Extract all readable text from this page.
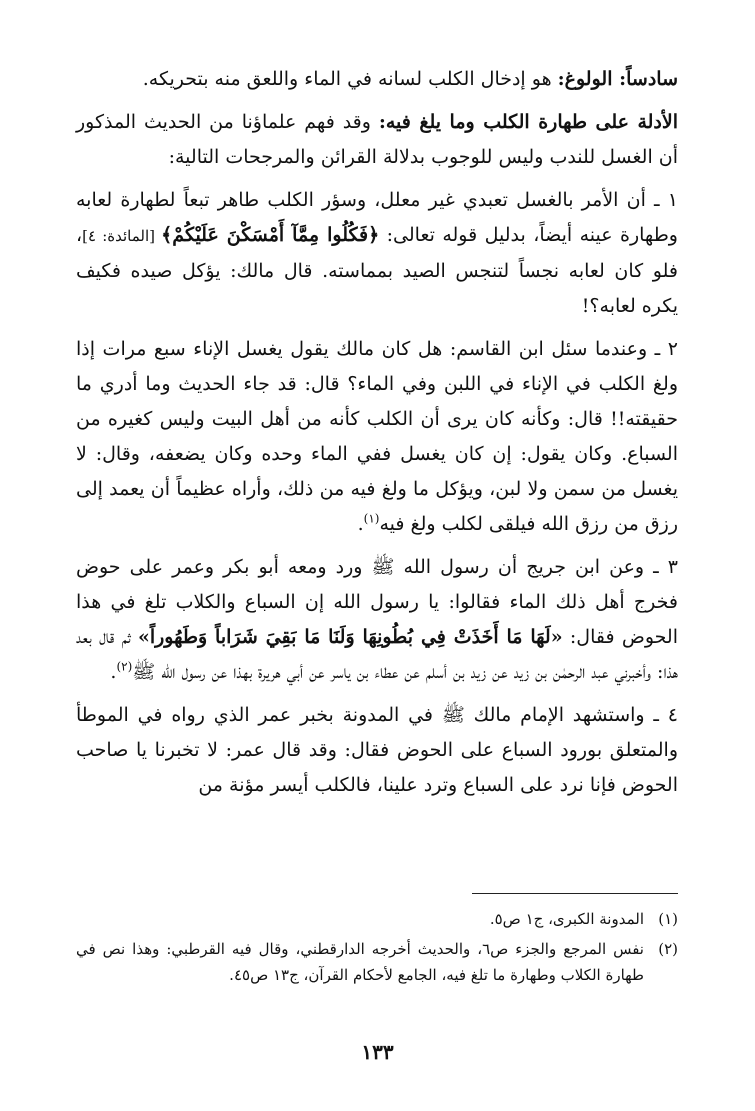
سادساً: الولوغ: هو إدخال الكلب لسانه في الماء واللعق منه بتحريكه.

الأدلة على طهارة الكلب وما يلغ فيه: وقد فهم علماؤنا من الحديث المذكور أن الغسل للندب وليس للوجوب بدلالة القرائن والمرجحات التالية:

١ ـ أن الأمر بالغسل تعبدي غير معلل، وسؤر الكلب طاهر تبعاً لطهارة لعابه وطهارة عينه أيضاً، بدليل قوله تعالى: ﴿فَكُلُوا مِمَّآ أَمْسَكْنَ عَلَيْكُمْ﴾ [المائدة: ٤]، فلو كان لعابه نجساً لتنجس الصيد بمماسته. قال مالك: يؤكل صيده فكيف يكره لعابه؟!

٢ ـ وعندما سئل ابن القاسم: هل كان مالك يقول يغسل الإناء سبع مرات إذا ولغ الكلب في الإناء في اللبن وفي الماء؟ قال: قد جاء الحديث وما أدري ما حقيقته!! قال: وكأنه كان يرى أن الكلب كأنه من أهل البيت وليس كغيره من السباع. وكان يقول: إن كان يغسل ففي الماء وحده وكان يضعفه، وقال: لا يغسل من سمن ولا لبن، ويؤكل ما ولغ فيه من ذلك، وأراه عظيماً أن يعمد إلى رزق من رزق الله فيلقى لكلب ولغ فيه$^{(١)}$.

٣ ـ وعن ابن جريج أن رسول الله ﷺ ورد ومعه أبو بكر وعمر على حوض فخرج أهل ذلك الماء فقالوا: يا رسول الله إن السباع والكلاب تلغ في هذا الحوض فقال: «لَهَا مَا أَخَذَتْ فِي بُطُونِهَا وَلَنَا مَا بَقِيَ شَرَاباً وَطَهُوراً» ثم قال بعد هذا: وأخبرني عبد الرحمٰن بن زيد عن زيد بن أسلم عن عطاء بن ياسر عن أبي هريرة بهذا عن رسول الله ﷺ$^{(٢)}$.

٤ ـ واستشهد الإمام مالك ﷺ في المدونة بخبر عمر الذي رواه في الموطأ والمتعلق بورود السباع على الحوض فقال: وقد قال عمر: لا تخبرنا يا صاحب الحوض فإنا نرد على السباع وترد علينا، فالكلب أيسر مؤنة من

(١)المدونة الكبرى، ج١ ص٥.
(٢)نفس المرجع والجزء ص٦، والحديث أخرجه الدارقطني، وقال فيه القرطبي: وهذا نص في طهارة الكلاب وطهارة ما تلغ فيه، الجامع لأحكام القرآن، ج١٣ ص٤٥.
١٣٣
